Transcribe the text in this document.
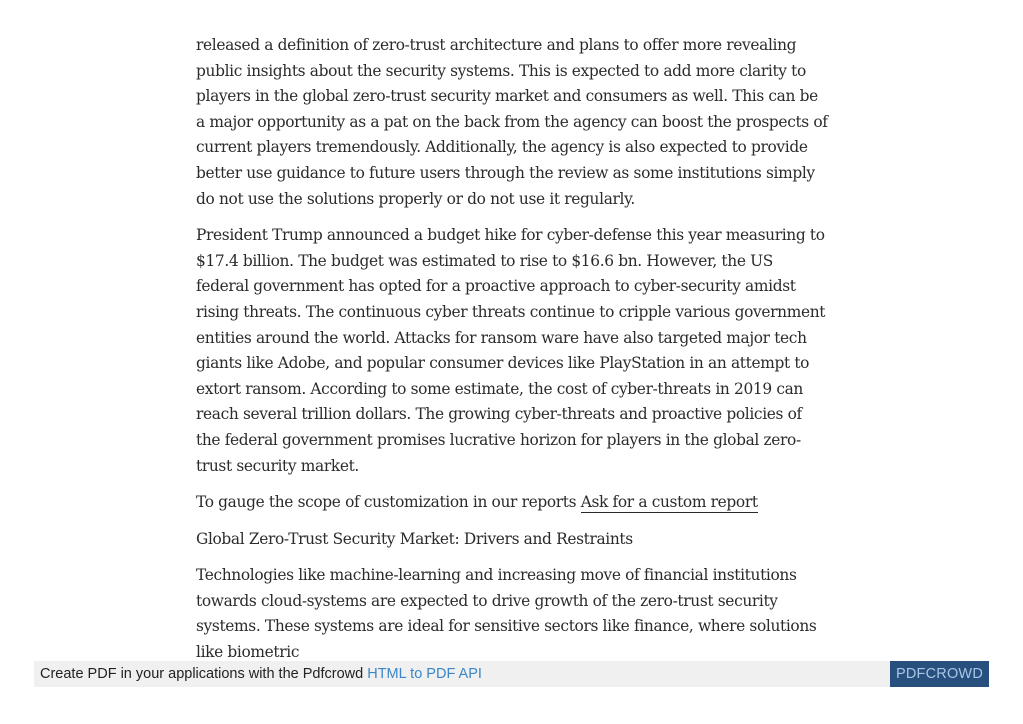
released a definition of zero-trust architecture and plans to offer more revealing public insights about the security systems. This is expected to add more clarity to players in the global zero-trust security market and consumers as well. This can be a major opportunity as a pat on the back from the agency can boost the prospects of current players tremendously. Additionally, the agency is also expected to provide better use guidance to future users through the review as some institutions simply do not use the solutions properly or do not use it regularly.

President Trump announced a budget hike for cyber-defense this year measuring to $17.4 billion. The budget was estimated to rise to $16.6 bn. However, the US federal government has opted for a proactive approach to cyber-security amidst rising threats. The continuous cyber threats continue to cripple various government entities around the world. Attacks for ransom ware have also targeted major tech giants like Adobe, and popular consumer devices like PlayStation in an attempt to extort ransom. According to some estimate, the cost of cyber-threats in 2019 can reach several trillion dollars. The growing cyber-threats and proactive policies of the federal government promises lucrative horizon for players in the global zero-trust security market.

To gauge the scope of customization in our reports Ask for a custom report

Global Zero-Trust Security Market: Drivers and Restraints

Technologies like machine-learning and increasing move of financial institutions towards cloud-systems are expected to drive growth of the zero-trust security systems. These systems are ideal for sensitive sectors like finance, where solutions like biometric

Create PDF in your applications with the Pdfcrowd HTML to PDF API	PDFCROWD
